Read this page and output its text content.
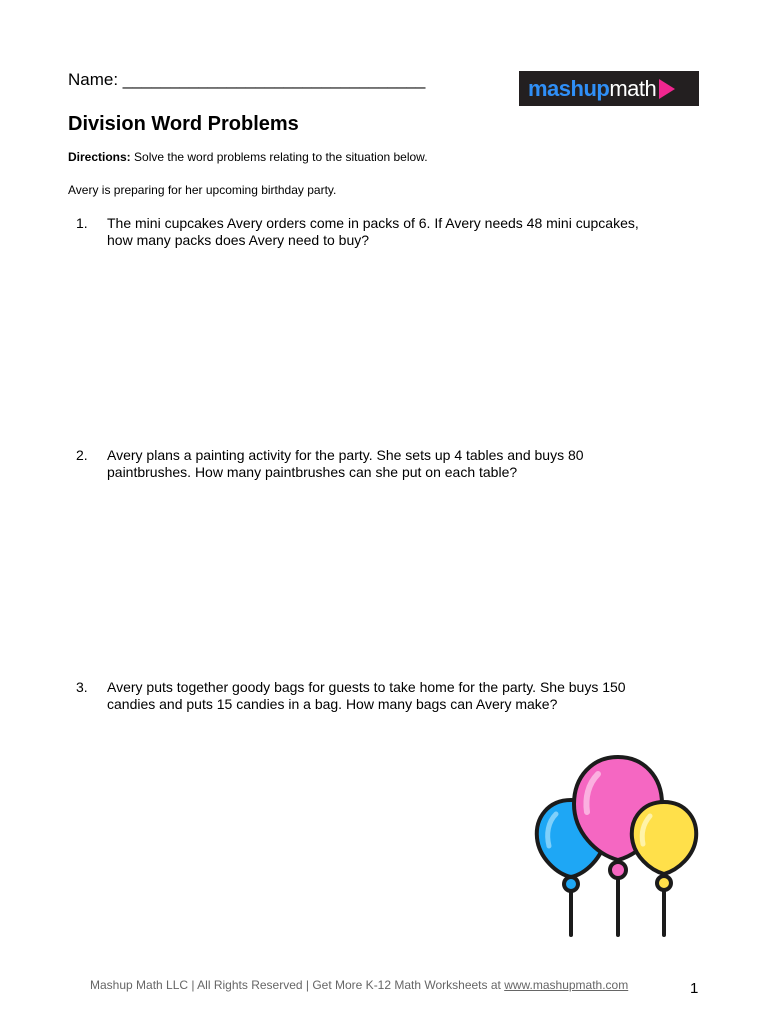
Name: ________________________________	mashupmath
Division Word Problems
Directions: Solve the word problems relating to the situation below.
Avery is preparing for her upcoming birthday party.
1.	The mini cupcakes Avery orders come in packs of 6. If Avery needs 48 mini cupcakes,
how many packs does Avery need to buy?
2.	Avery plans a painting activity for the party. She sets up 4 tables and buys 80
paintbrushes. How many paintbrushes can she put on each table?
3.	Avery puts together goody bags for guests to take home for the party. She buys 150
candies and puts 15 candies in a bag. How many bags can Avery make?
Mashup Math LLC | All Rights Reserved | Get More K-12 Math Worksheets at www.mashupmath.com	1
